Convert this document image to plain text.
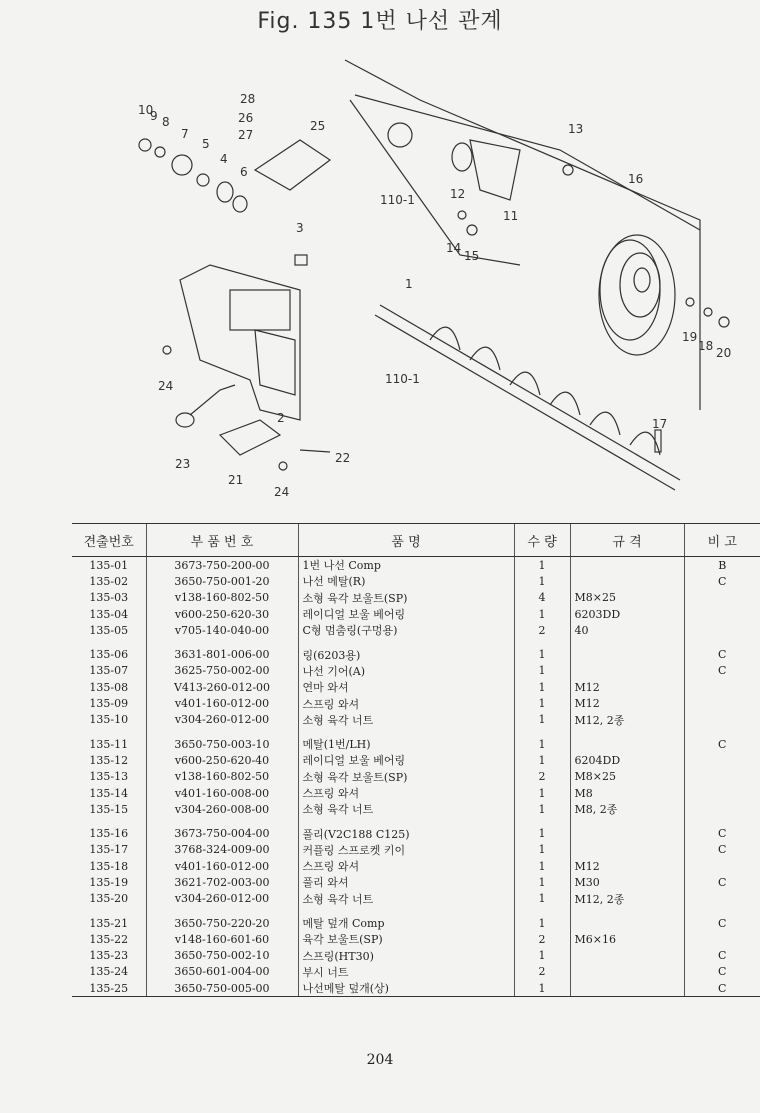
Fig. 135 1번 나선 관계
10
9 8
7
5
4
6
28
26
27
25
3
24
23
21
24
22
2
110-1
110-1
1
12
11
13
14
15
16
17
19
18 20
견출번호	부 품 번 호	품 명	수 량	규 격	비 고
135-01	3673-750-200-00	1번 나선 Comp	1		B
135-02	3650-750-001-20	나선 메탈(R)	1		C
135-03	v138-160-802-50	소형 육각 보울트(SP)	4	M8×25	
135-04	v600-250-620-30	레이디얼 보울 베어링	1	6203DD	
135-05	v705-140-040-00	C형 멈춤링(구멍용)	2	40	
135-06	3631-801-006-00	링(6203용)	1		C
135-07	3625-750-002-00	나선 기어(A)	1		C
135-08	V413-260-012-00	연마 와셔	1	M12	
135-09	v401-160-012-00	스프링 와셔	1	M12	
135-10	v304-260-012-00	소형 육각 너트	1	M12, 2종	
135-11	3650-750-003-10	메탈(1번/LH)	1		C
135-12	v600-250-620-40	레이디얼 보울 베어링	1	6204DD	
135-13	v138-160-802-50	소형 육각 보울트(SP)	2	M8×25	
135-14	v401-160-008-00	스프링 와셔	1	M8	
135-15	v304-260-008-00	소형 육각 너트	1	M8, 2종	
135-16	3673-750-004-00	풀리(V2C188 C125)	1		C
135-17	3768-324-009-00	커플링 스프로켓 키이	1		C
135-18	v401-160-012-00	스프링 와셔	1	M12	
135-19	3621-702-003-00	풀리 와셔	1	M30	C
135-20	v304-260-012-00	소형 육각 너트	1	M12, 2종	
135-21	3650-750-220-20	메탈 덮개 Comp	1		C
135-22	v148-160-601-60	육각 보울트(SP)	2	M6×16	
135-23	3650-750-002-10	스프링(HT30)	1		C
135-24	3650-601-004-00	부시 너트	2		C
135-25	3650-750-005-00	나선메탈 덮개(상)	1		C
204
